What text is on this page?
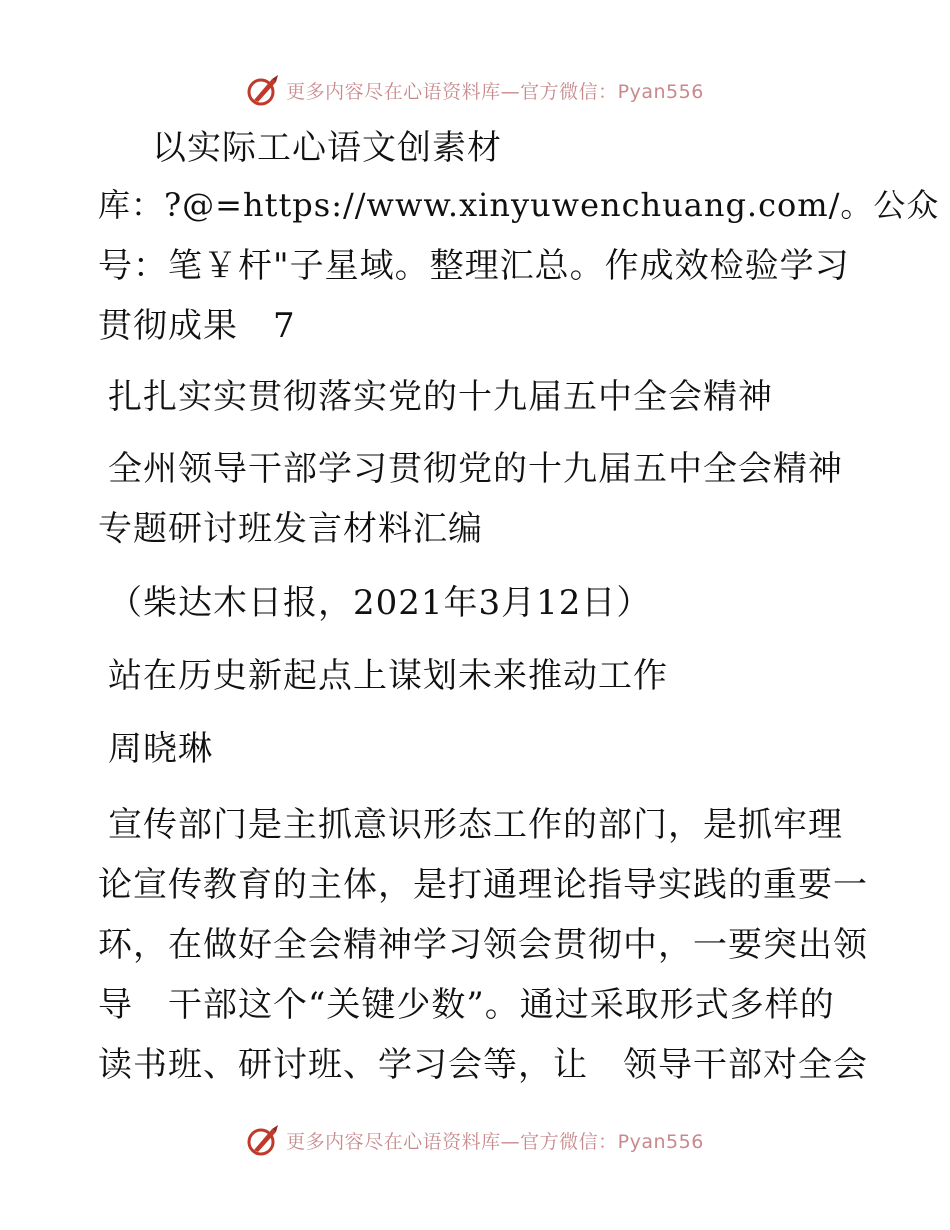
更多内容尽在心语资料库—官方微信：Pyan556
以实际工心语文创素材
库：?@=https://www.xinyuwenchuang.com/。公众
号：笔￥杆"子星域。整理汇总。作成效检验学习
贯彻成果　7
扎扎实实贯彻落实党的十九届五中全会精神
全州领导干部学习贯彻党的十九届五中全会精神
专题研讨班发言材料汇编
（柴达木日报，2021年3月12日）
站在历史新起点上谋划未来推动工作
周晓琳
宣传部门是主抓意识形态工作的部门，是抓牢理
论宣传教育的主体，是打通理论指导实践的重要一
环，在做好全会精神学习领会贯彻中，一要突出领
导　干部这个“关键少数”。通过采取形式多样的
读书班、研讨班、学习会等，让　领导干部对全会
更多内容尽在心语资料库—官方微信：Pyan556
